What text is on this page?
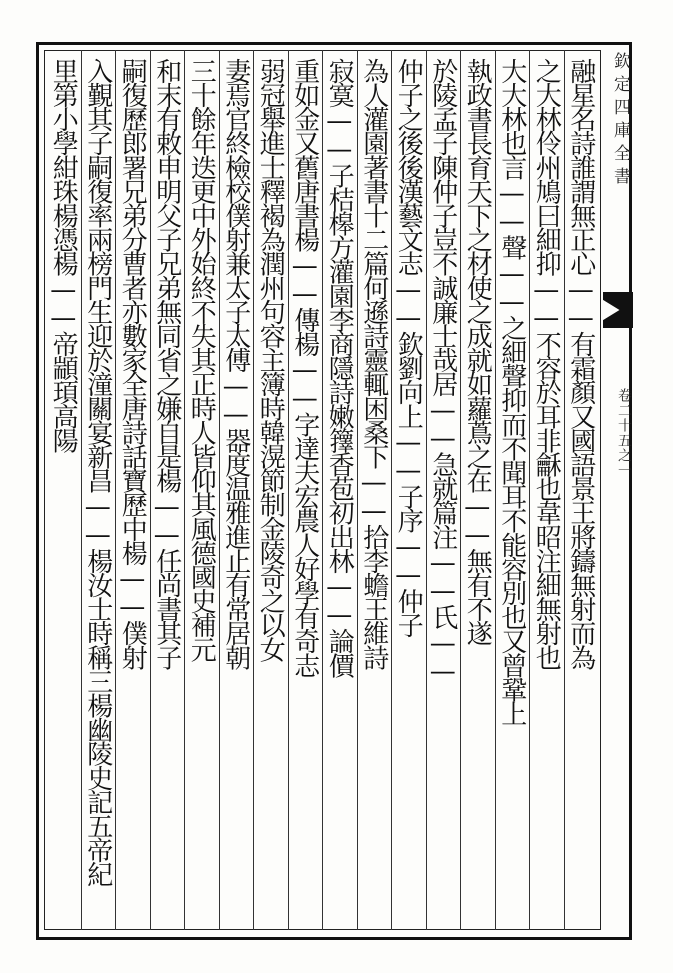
欽定四庫全書
卷二十五之一
融星名詩誰謂無正心——有霜顏又國語景王將鑄無射而為
之大林伶州鳩曰細抑——不容於耳非龢也韋昭注細無射也
大大林也言——聲——之細聲抑而不聞耳不能容別也又曾鞏上
執政書長育天下之材使之成就如蘿蔦之在——無有不遂
於陵孟子陳仲子豈不誠廉士哉居——急就篇注——氏——
仲子之後後漢藝文志——欽劉向上——子序——仲子
為人灌園著書十二篇何遜詩靈輒困桑下——拾李蟾王維詩
寂寞——子桔槔方灌園李商隱詩嫩籜香苞初出林——論價
重如金又舊唐書楊——傳楊——字達夫宏農人好學有奇志
弱冠舉進士釋褐為潤州句容主簿時韓滉節制金陵奇之以女
妻焉官終檢校僕射兼太子太傅——器度温雅進止有常居朝
三十餘年迭更中外始終不失其正時人皆仰其風德國史補元
和末有敕申明父子兄弟無同省之嫌自是楊——任尚書其子
嗣復歷郎署兄弟分曹者亦數家全唐詩話寶歷中楊——僕射
入覲其子嗣復率兩榜門生迎於潼關宴新昌——楊汝士時稱三楊幽陵史記五帝紀
里第小學紺珠楊憑楊——帝顓頊高陽
